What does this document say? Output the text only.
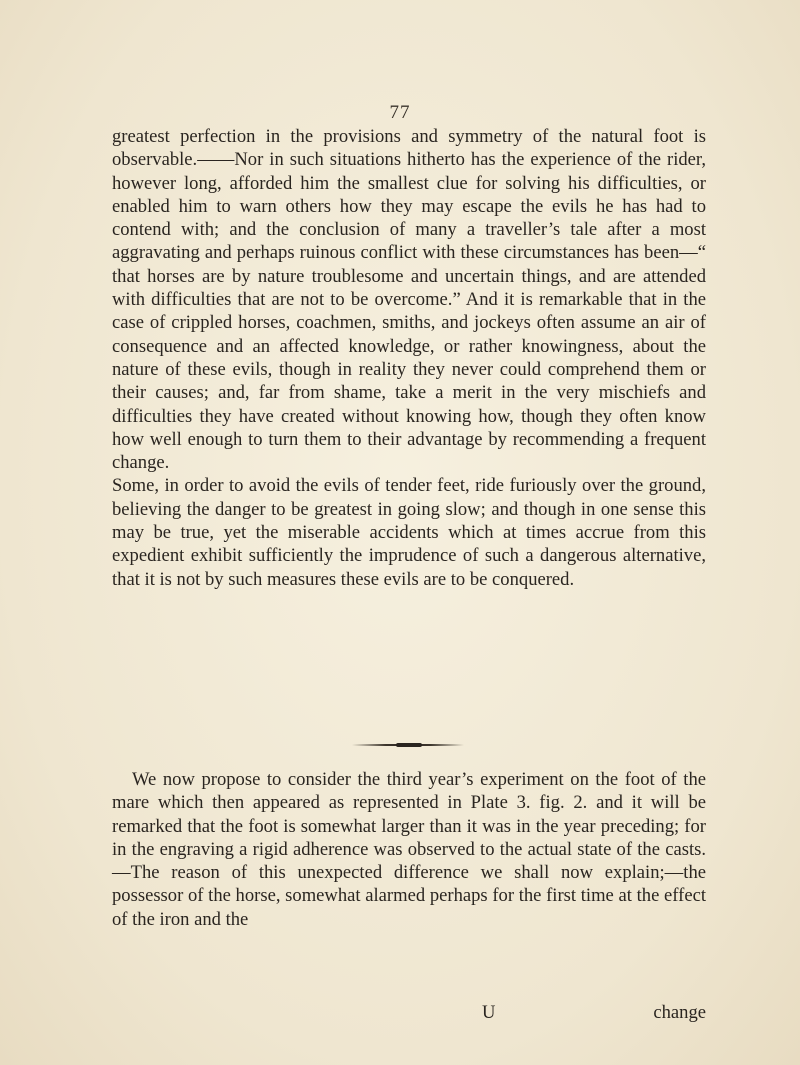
77

greatest perfection in the provisions and symmetry of the natural foot is observable.——Nor in such situations hitherto has the experience of the rider, however long, afforded him the smallest clue for solving his difficulties, or enabled him to warn others how they may escape the evils he has had to contend with; and the conclusion of many a traveller’s tale after a most aggravating and perhaps ruinous conflict with these circumstances has been—“ that horses are by nature troublesome and uncertain things, and are attended with difficulties that are not to be overcome.” And it is remarkable that in the case of crippled horses, coachmen, smiths, and jockeys often assume an air of consequence and an affected knowledge, or rather knowingness, about the nature of these evils, though in reality they never could comprehend them or their causes; and, far from shame, take a merit in the very mischiefs and difficulties they have created without knowing how, though they often know how well enough to turn them to their advantage by recommending a frequent change.

Some, in order to avoid the evils of tender feet, ride furiously over the ground, believing the danger to be greatest in going slow; and though in one sense this may be true, yet the miserable accidents which at times accrue from this expedient exhibit sufficiently the imprudence of such a dangerous alternative, that it is not by such measures these evils are to be conquered.

We now propose to consider the third year’s experiment on the foot of the mare which then appeared as represented in Plate 3. fig. 2. and it will be remarked that the foot is somewhat larger than it was in the year preceding; for in the engraving a rigid adherence was observed to the actual state of the casts.—The reason of this unexpected difference we shall now explain;—the possessor of the horse, somewhat alarmed perhaps for the first time at the effect of the iron and the

U	change
